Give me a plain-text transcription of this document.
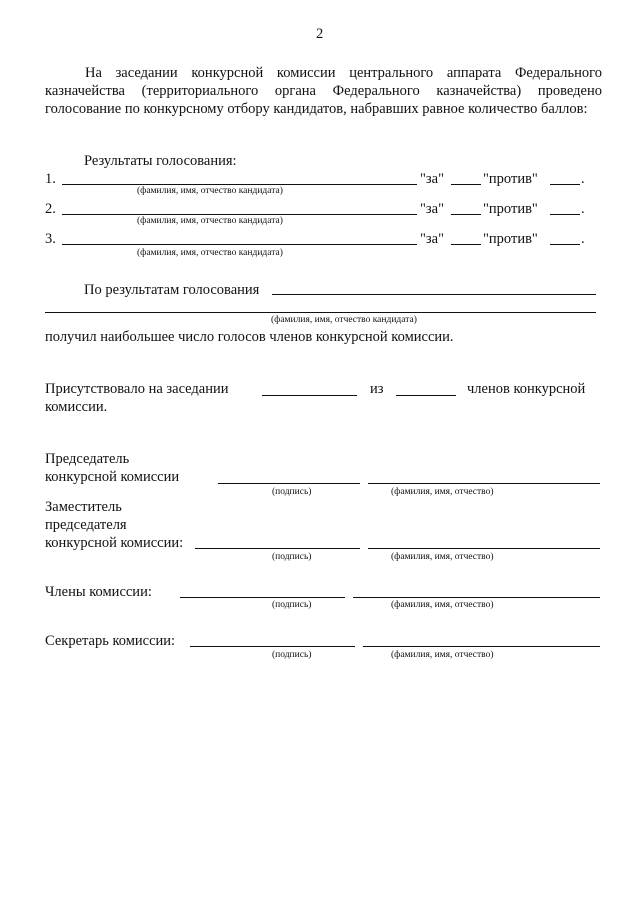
2
На заседании конкурсной комиссии центрального аппарата Федерального казначейства (территориального органа Федерального казначейства) проведено голосование по конкурсному отбору кандидатов, набравших равное количество баллов:
Результаты голосования:
1.	"за"	"против"	.
(фамилия, имя, отчество кандидата)
2.	"за"	"против"	.
(фамилия, имя, отчество кандидата)
3.	"за"	"против"	.
(фамилия, имя, отчество кандидата)
По результатам голосования
(фамилия, имя, отчество кандидата)
получил наибольшее число голосов членов конкурсной комиссии.
Присутствовало на заседании	из	членов конкурсной
комиссии.
Председатель
конкурсной комиссии
(подпись)	(фамилия, имя, отчество)
Заместитель
председателя
конкурсной комиссии:
(подпись)	(фамилия, имя, отчество)
Члены комиссии:
(подпись)	(фамилия, имя, отчество)
Секретарь комиссии:
(подпись)	(фамилия, имя, отчество)
